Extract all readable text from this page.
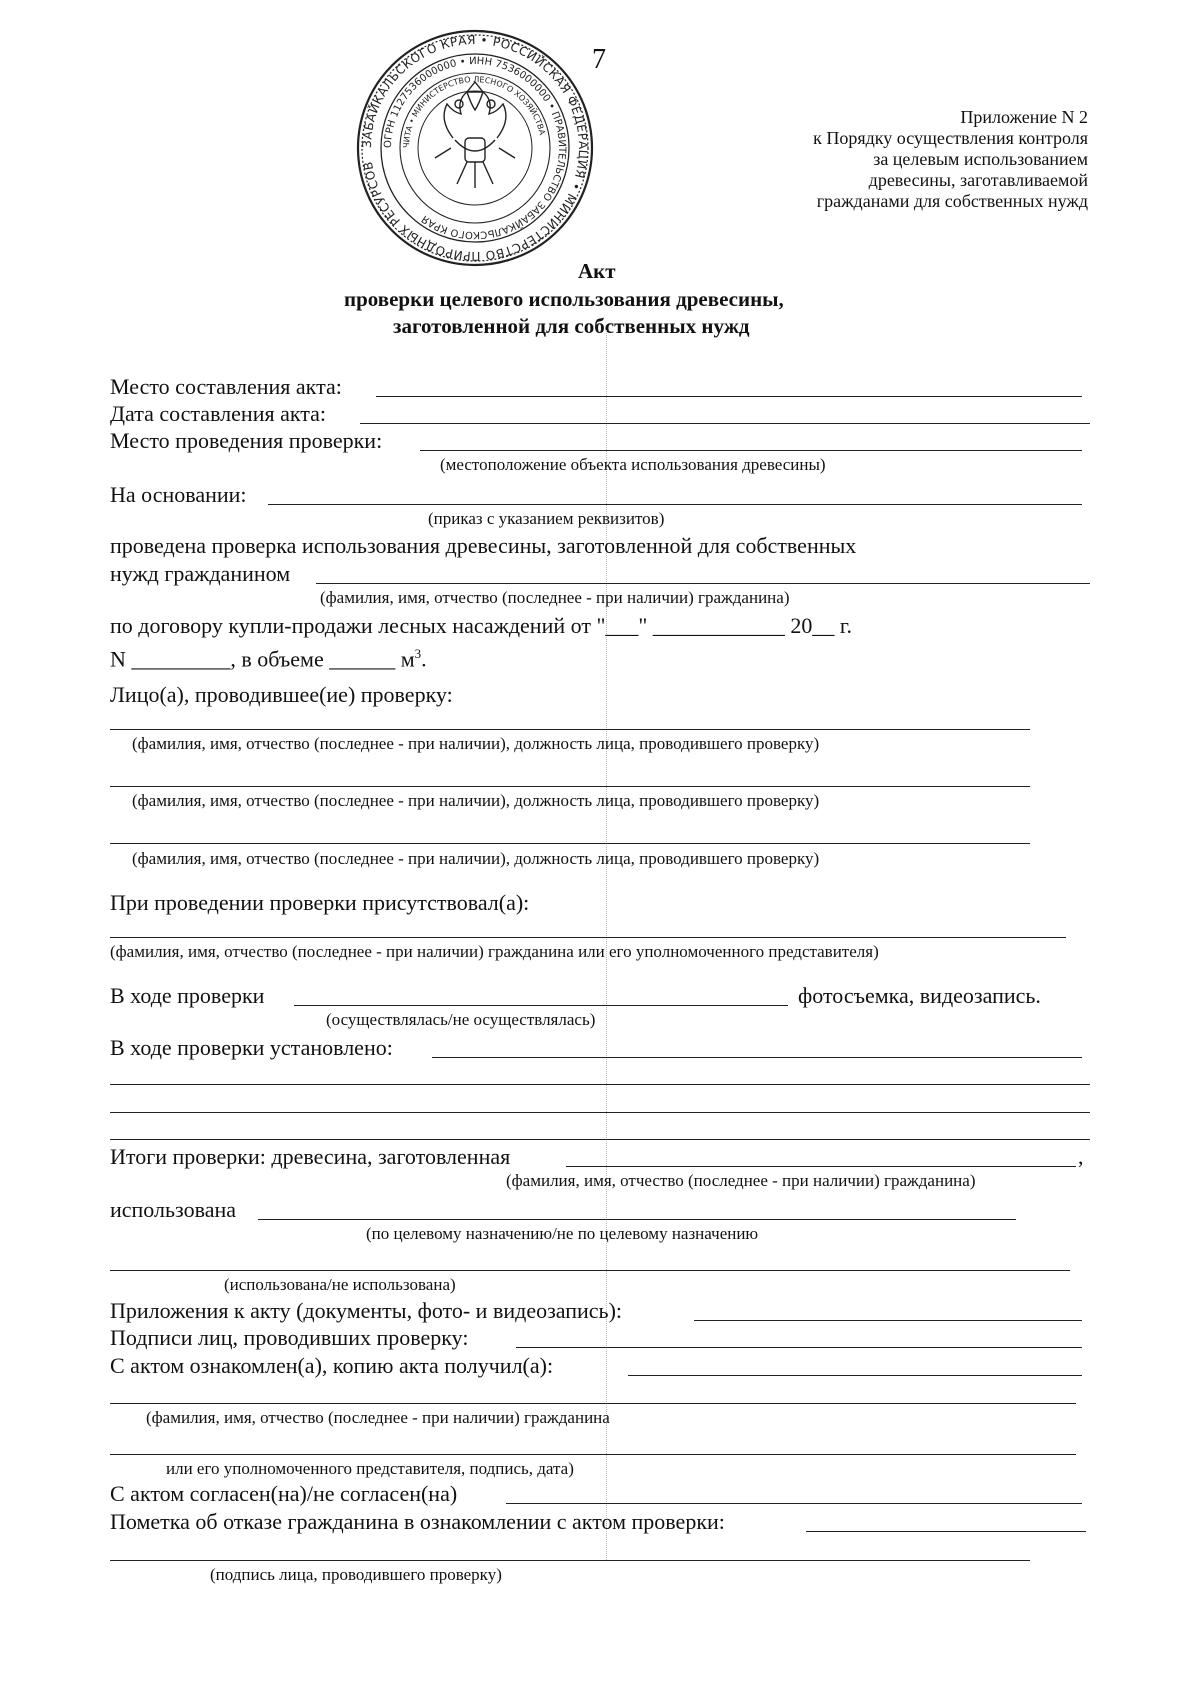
ЗАБАЙКАЛЬСКОГО КРАЯ • РОССИЙСКАЯ ФЕДЕРАЦИЯ • МИНИСТЕРСТВО ПРИРОДНЫХ РЕСУРСОВ
ОГРН 1127536000000 • ИНН 7536000000 • ПРАВИТЕЛЬСТВО ЗАБАЙКАЛЬСКОГО КРАЯ
ЧИТА • МИНИСТЕРСТВО ЛЕСНОГО ХОЗЯЙСТВА
7
Приложение N 2
к Порядку осуществления контроля
за целевым использованием
древесины, заготавливаемой
гражданами для собственных нужд
Акт
проверки целевого использования древесины,
заготовленной для собственных нужд
Место составления акта:
Дата составления акта:
Место проведения проверки:
(местоположение объекта использования древесины)
На основании:
(приказ с указанием реквизитов)
проведена проверка использования древесины, заготовленной для собственных
нужд гражданином
(фамилия, имя, отчество (последнее - при наличии) гражданина)
по договору купли-продажи лесных насаждений от "___" ____________ 20__ г.
N _________, в объеме ______ $м^3$.
Лицо(а), проводившее(ие) проверку:
(фамилия, имя, отчество (последнее - при наличии), должность лица, проводившего проверку)
(фамилия, имя, отчество (последнее - при наличии), должность лица, проводившего проверку)
(фамилия, имя, отчество (последнее - при наличии), должность лица, проводившего проверку)
При проведении проверки присутствовал(а):
(фамилия, имя, отчество (последнее - при наличии) гражданина или его уполномоченного представителя)
В ходе проверки	фотосъемка, видеозапись.
(осуществлялась/не осуществлялась)
В ходе проверки установлено:
Итоги проверки: древесина, заготовленная	,
(фамилия, имя, отчество (последнее - при наличии) гражданина)
использована
(по целевому назначению/не по целевому назначению
(использована/не использована)
Приложения к акту (документы, фото- и видеозапись):
Подписи лиц, проводивших проверку:
С актом ознакомлен(а), копию акта получил(а):
(фамилия, имя, отчество (последнее - при наличии) гражданина
или его уполномоченного представителя, подпись, дата)
С актом согласен(на)/не согласен(на)
Пометка об отказе гражданина в ознакомлении с актом проверки:
(подпись лица, проводившего проверку)
